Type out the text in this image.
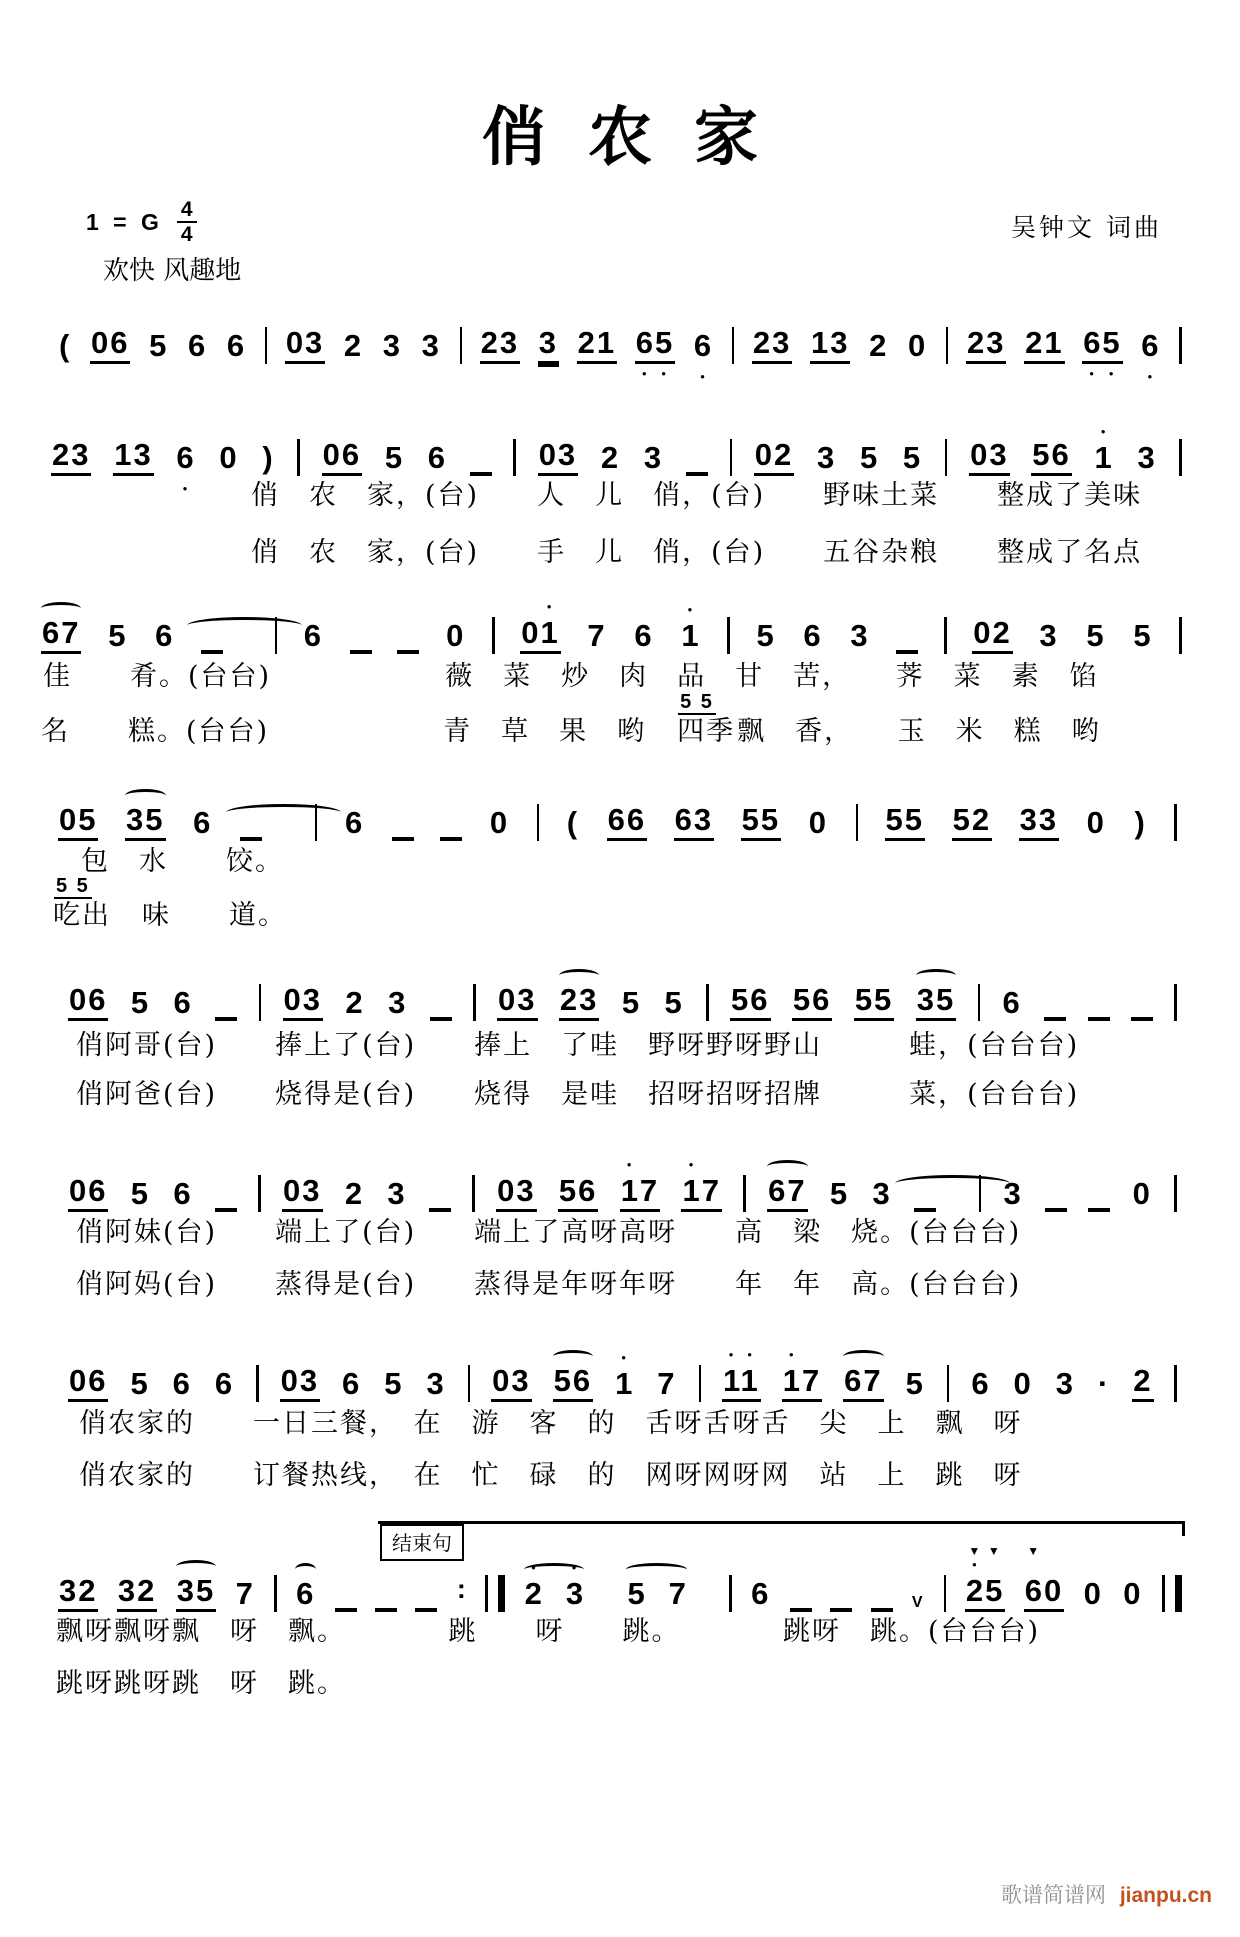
俏农家
1 = G $\frac{4}{4}$
欢快 风趣地
吴钟文 词曲
结束句
歌谱简谱网 jianpu.cn
( 06 5 6 6 03 2 3 3 23 3 21 65
● ●
6
●
23 13 2 0 23 21 65
● ●
6
●
23 13 6
●
0 ) 06 5 6	03 2 3	02 3 5 5 03 56 1
●
3
俏　农　家，(台)　　人　儿　俏，(台)　　野味土菜　　整成了美味
俏　农　家，(台)　　手　儿　俏，(台)　　五谷杂粮　　整成了名点
67 5 6	6	0 01
●
7 6 1
●
5 6 3	02 3 5 5
佳　　肴。(台台)　　　　　　薇　菜　炒　肉　品　甘　苦，　　荠　菜　素　馅
名　　糕。(台台)　　　　　　青　草　果　哟　
5 5
四季飘　香，　　玉　米　糕　哟
05 35 6	6	0 ( 66 63 55 0 55 52 33 0 )
包　水　　饺。
5 5
吃出　味　　道。
06 5 6	03 2 3	03 23 5 5 56 56 55 35 6
俏阿哥(台)　　捧上了(台)　　捧上　了哇　野呀野呀野山　　　蛙，(台台台)
俏阿爸(台)　　烧得是(台)　　烧得　是哇　招呀招呀招牌　　　菜，(台台台)
06 5 6	03 2 3	03 56 17
●
17
●
67 5 3	3	0
俏阿妹(台)　　端上了(台)　　端上了高呀高呀　　高　梁　烧。(台台台)
俏阿妈(台)　　蒸得是(台)　　蒸得是年呀年呀　　年　年　高。(台台台)
06 5 6 6 03 6 5 3 03 56 1
●
7 11
● ●
17
●
67 5 6 0 3 · 2
俏农家的　　一日三餐，　在　游　客　的　舌呀舌呀舌　尖　上　飘　呀
俏农家的　　订餐热线，　在　忙　碌　的　网呀网呀网　站　上　跳　呀
32 32 35 7 6	: 23
● ●
57 6	V 25
●
▼ ▼
60
▼
0 0
飘呀飘呀飘　呀　飘。　　　　跳　　呀　　跳。　　　　跳呀　跳。(台台台)
跳呀跳呀跳　呀　跳。
